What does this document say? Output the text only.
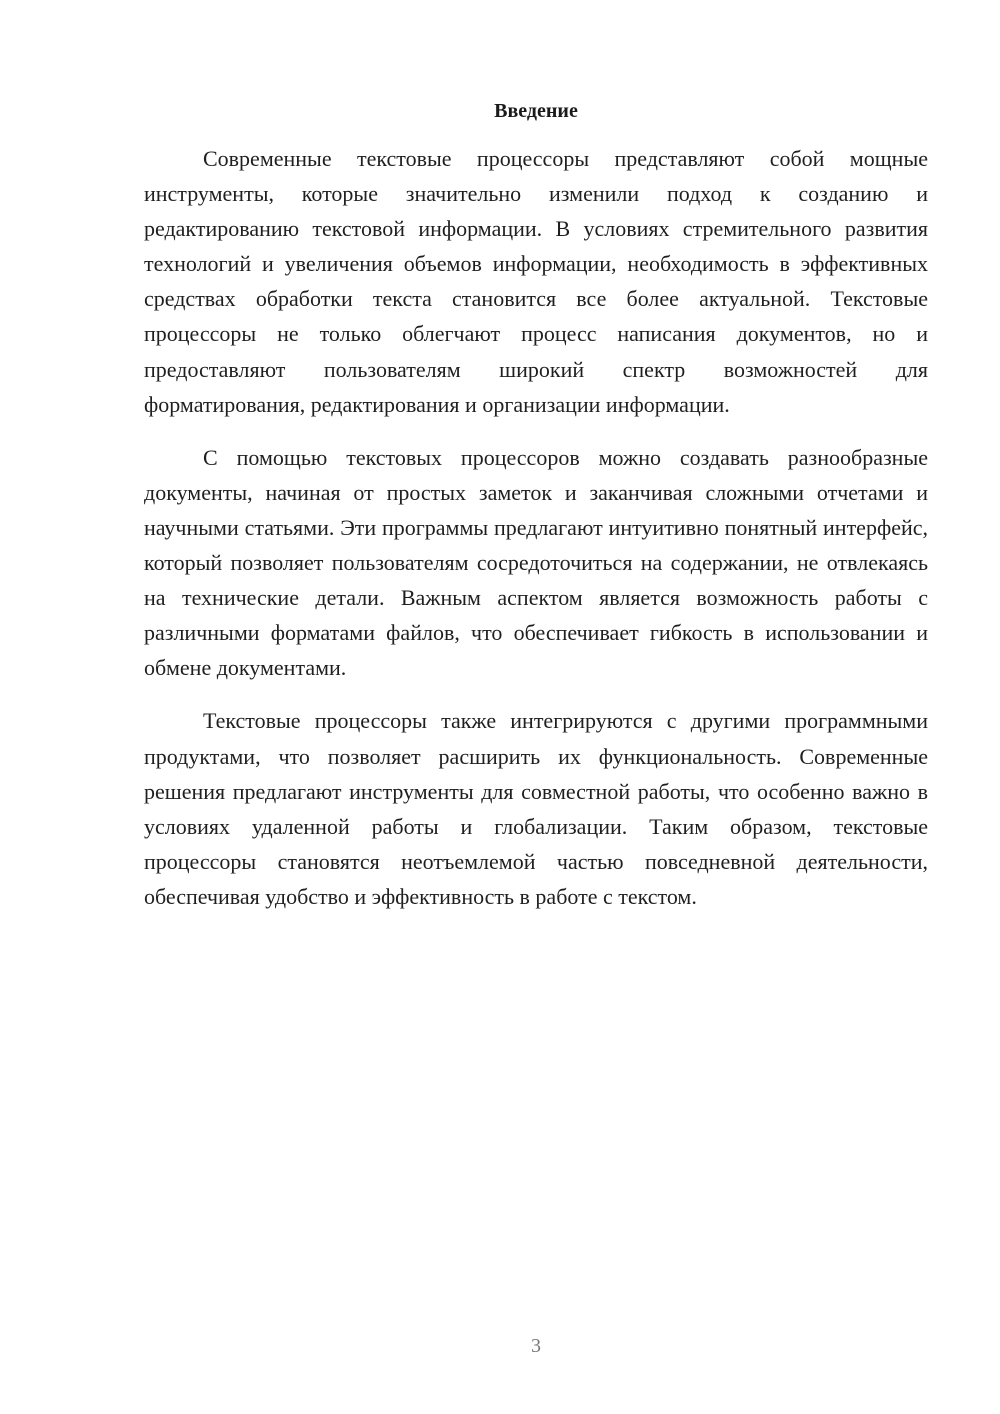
Введение

Современные текстовые процессоры представляют собой мощные инструменты, которые значительно изменили подход к созданию и редактированию текстовой информации. В условиях стремительного развития технологий и увеличения объемов информации, необходимость в эффективных средствах обработки текста становится все более актуальной. Текстовые процессоры не только облегчают процесс написания документов, но и предоставляют пользователям широкий спектр возможностей для форматирования, редактирования и организации информации.

С помощью текстовых процессоров можно создавать разнообразные документы, начиная от простых заметок и заканчивая сложными отчетами и научными статьями. Эти программы предлагают интуитивно понятный интерфейс, который позволяет пользователям сосредоточиться на содержании, не отвлекаясь на технические детали. Важным аспектом является возможность работы с различными форматами файлов, что обеспечивает гибкость в использовании и обмене документами.

Текстовые процессоры также интегрируются с другими программными продуктами, что позволяет расширить их функциональность. Современные решения предлагают инструменты для совместной работы, что особенно важно в условиях удаленной работы и глобализации. Таким образом, текстовые процессоры становятся неотъемлемой частью повседневной деятельности, обеспечивая удобство и эффективность в работе с текстом.

3
